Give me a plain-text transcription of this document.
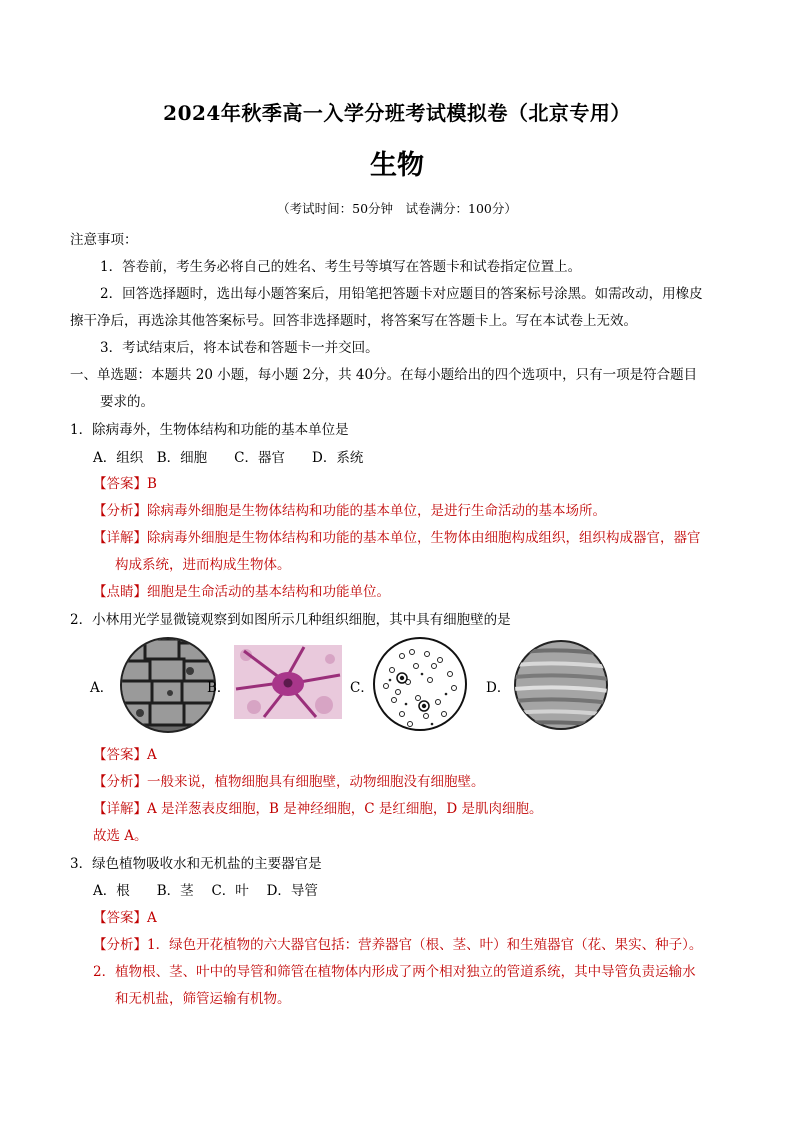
2024年秋季高一入学分班考试模拟卷（北京专用）
生物
（考试时间：50分钟　试卷满分：100分）
注意事项：
1．答卷前，考生务必将自己的姓名、考生号等填写在答题卡和试卷指定位置上。
2．回答选择题时，选出每小题答案后，用铅笔把答题卡对应题目的答案标号涂黑。如需改动，用橡皮
擦干净后，再选涂其他答案标号。回答非选择题时，将答案写在答题卡上。写在本试卷上无效。
3．考试结束后，将本试卷和答题卡一并交回。
一、单选题：本题共 20 小题，每小题 2分，共 40分。在每小题给出的四个选项中，只有一项是符合题目
要求的。
1．除病毒外，生物体结构和功能的基本单位是
A．组织　B．细胞　　C．器官　　D．系统
【答案】B
【分析】除病毒外细胞是生物体结构和功能的基本单位，是进行生命活动的基本场所。
【详解】除病毒外细胞是生物体结构和功能的基本单位，生物体由细胞构成组织，组织构成器官，器官
构成系统，进而构成生物体。
【点睛】细胞是生命活动的基本结构和功能单位。
2．小林用光学显微镜观察到如图所示几种组织细胞，其中具有细胞壁的是
A．	B．	C．	D．
【答案】A
【分析】一般来说，植物细胞具有细胞壁，动物细胞没有细胞壁。
【详解】A 是洋葱表皮细胞，B 是神经细胞，C 是红细胞，D 是肌肉细胞。
故选 A。
3．绿色植物吸收水和无机盐的主要器官是
A．根　　B．茎　 C．叶　 D．导管
【答案】A
【分析】1．绿色开花植物的六大器官包括：营养器官（根、茎、叶）和生殖器官（花、果实、种子）。
2．植物根、茎、叶中的导管和筛管在植物体内形成了两个相对独立的管道系统，其中导管负责运输水
和无机盐，筛管运输有机物。
